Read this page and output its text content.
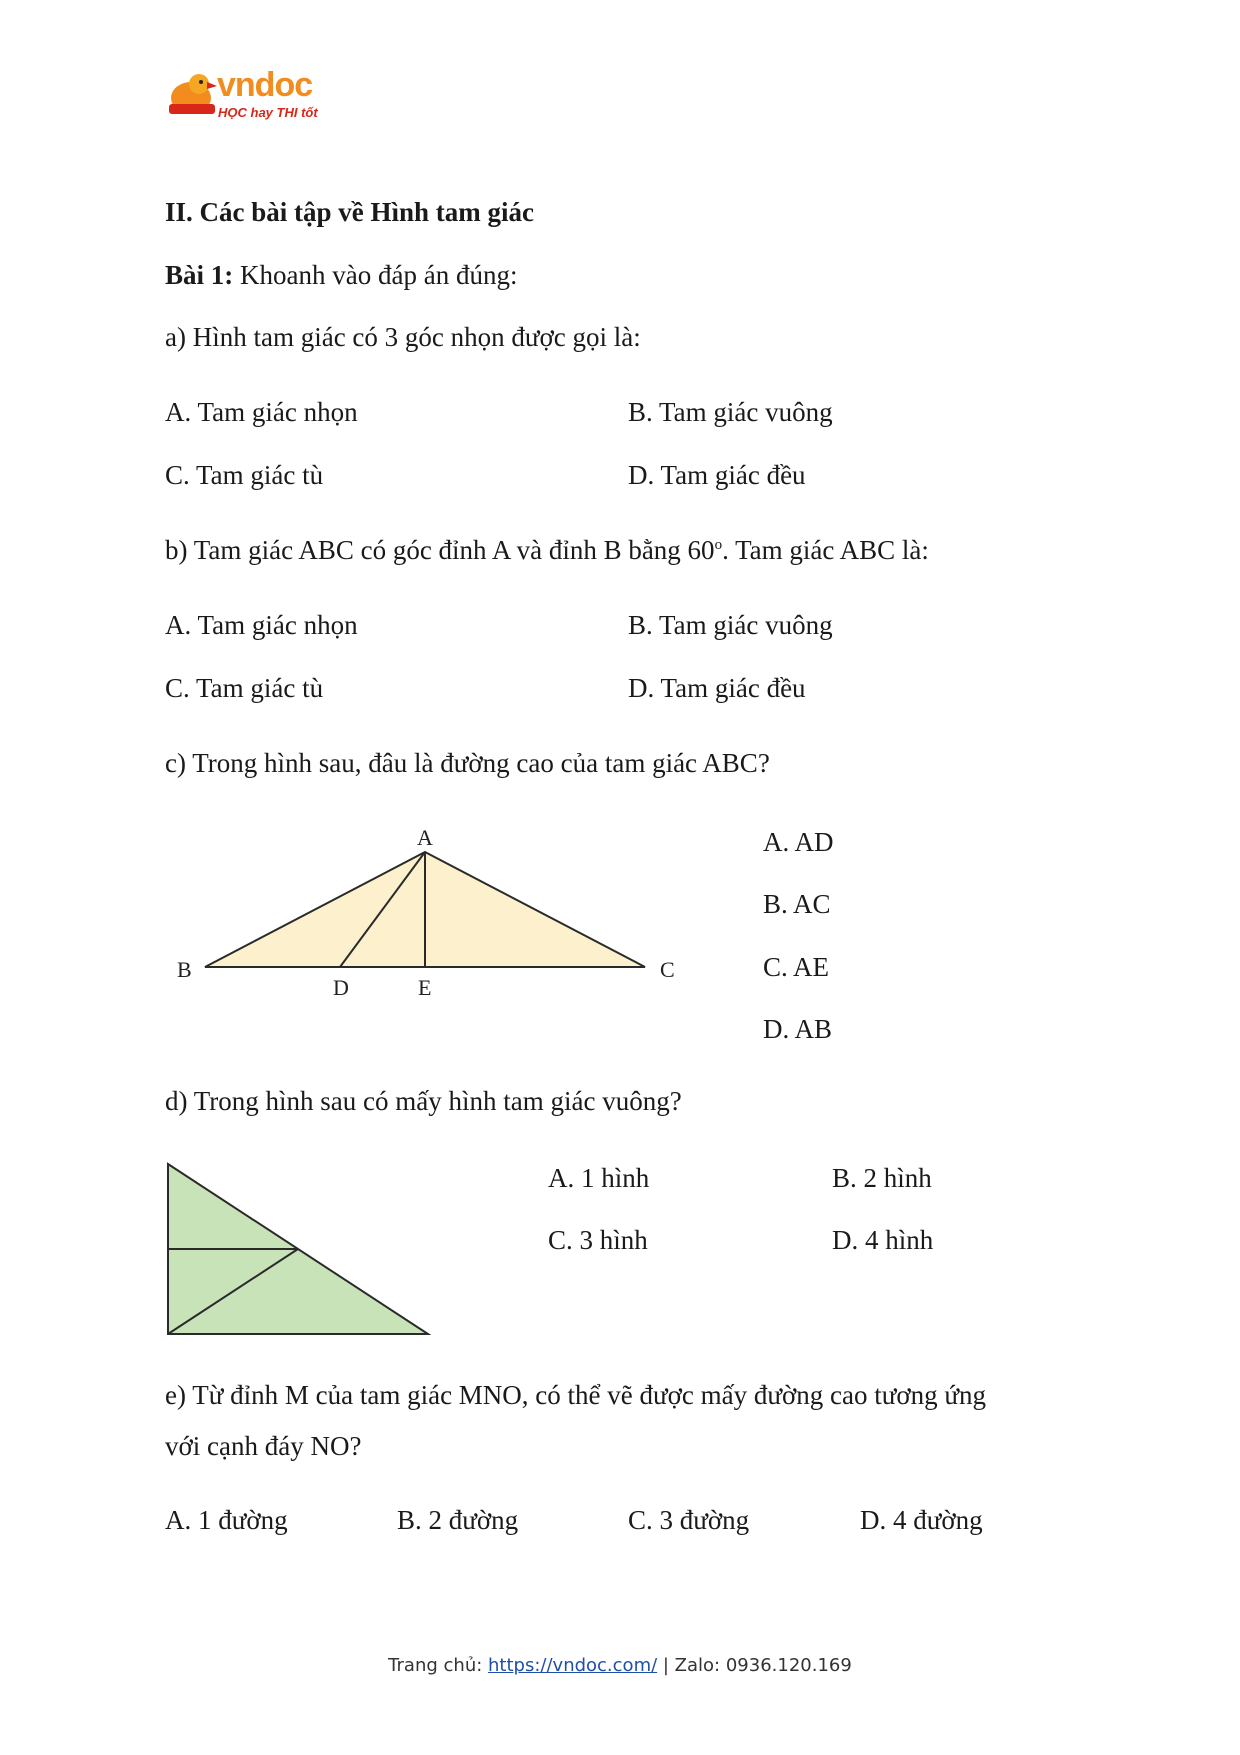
vndoc
HỌC hay THI tốt
II. Các bài tập về Hình tam giác
Bài 1: Khoanh vào đáp án đúng:
a) Hình tam giác có 3 góc nhọn được gọi là:
A. Tam giác nhọn	B. Tam giác vuông
C. Tam giác tù	D. Tam giác đều
b) Tam giác ABC có góc đỉnh A và đỉnh B bằng 60$^o$. Tam giác ABC là:
A. Tam giác nhọn	B. Tam giác vuông
C. Tam giác tù	D. Tam giác đều
c) Trong hình sau, đâu là đường cao của tam giác ABC?
A
B	C
D	E
A. AD
B. AC
C. AE
D. AB
d) Trong hình sau có mấy hình tam giác vuông?
A. 1 hình	B. 2 hình
C. 3 hình	D. 4 hình
e) Từ đỉnh M của tam giác MNO, có thể vẽ được mấy đường cao tương ứng
với cạnh đáy NO?
A. 1 đường	B. 2 đường	C. 3 đường	D. 4 đường
Trang chủ: https://vndoc.com/ | Zalo: 0936.120.169
